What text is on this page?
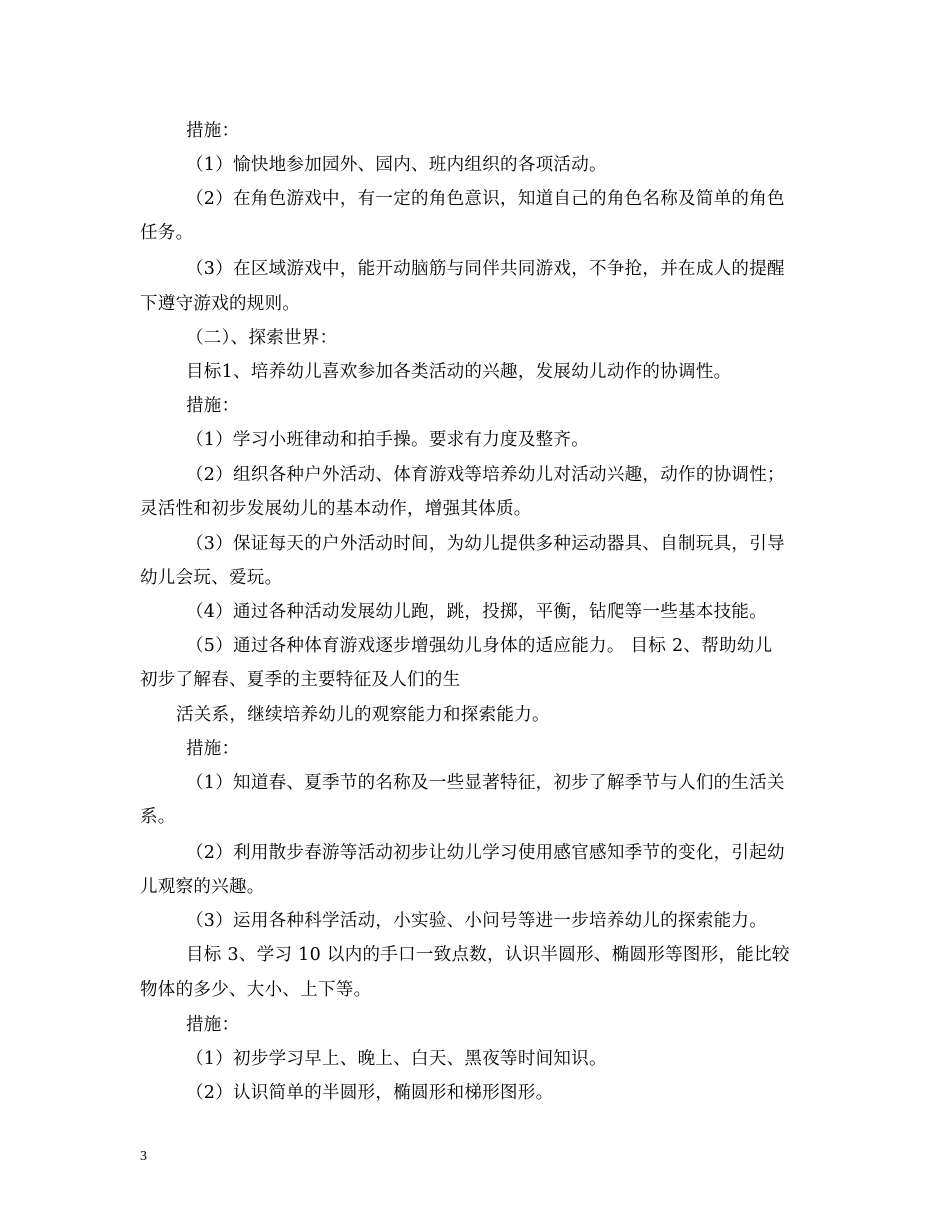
措施：
（1）愉快地参加园外、园内、班内组织的各项活动。
（2）在角色游戏中，有一定的角色意识，知道自己的角色名称及简单的角色
任务。
（3）在区域游戏中，能开动脑筋与同伴共同游戏，不争抢，并在成人的提醒
下遵守游戏的规则。
（二）、探索世界：
目标1、培养幼儿喜欢参加各类活动的兴趣，发展幼儿动作的协调性。
措施：
（1）学习小班律动和拍手操。要求有力度及整齐。
（2）组织各种户外活动、体育游戏等培养幼儿对活动兴趣，动作的协调性；
灵活性和初步发展幼儿的基本动作，增强其体质。
（3）保证每天的户外活动时间，为幼儿提供多种运动器具、自制玩具，引导
幼儿会玩、爱玩。
（4）通过各种活动发展幼儿跑，跳，投掷，平衡，钻爬等一些基本技能。
（5）通过各种体育游戏逐步增强幼儿身体的适应能力。 目标 2、帮助幼儿
初步了解春、夏季的主要特征及人们的生
活关系，继续培养幼儿的观察能力和探索能力。
措施：
（1）知道春、夏季节的名称及一些显著特征，初步了解季节与人们的生活关
系。
（2）利用散步春游等活动初步让幼儿学习使用感官感知季节的变化，引起幼
儿观察的兴趣。
（3）运用各种科学活动，小实验、小问号等进一步培养幼儿的探索能力。
目标 3、学习 10 以内的手口一致点数，认识半圆形、椭圆形等图形，能比较
物体的多少、大小、上下等。
措施：
（1）初步学习早上、晚上、白天、黑夜等时间知识。
（2）认识简单的半圆形，椭圆形和梯形图形。
3
